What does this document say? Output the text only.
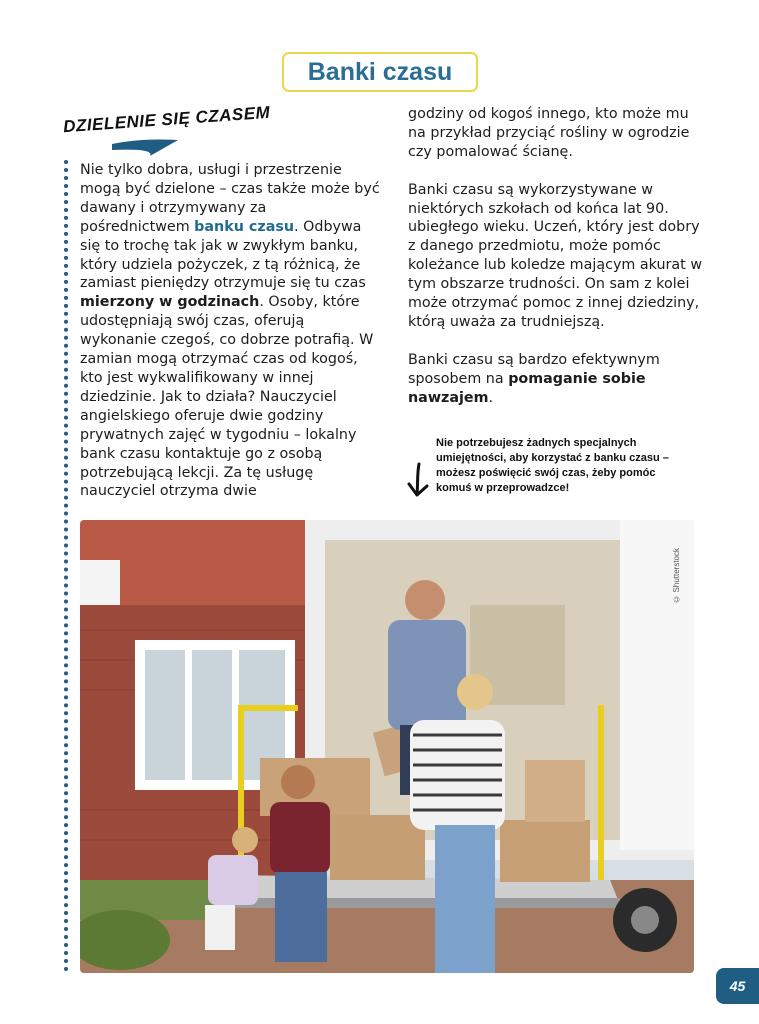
Banki czasu
DZIELENIE SIĘ CZASEM

Nie tylko dobra, usługi i przestrzenie mogą być dzielone – czas także może być dawany i otrzymywany za pośrednictwem banku czasu. Odbywa się to trochę tak jak w zwykłym banku, który udziela pożyczek, z tą różnicą, że zamiast pieniędzy otrzymuje się tu czas mierzony w godzinach. Osoby, które udostępniają swój czas, oferują wykonanie czegoś, co dobrze potrafią. W zamian mogą otrzymać czas od kogoś, kto jest wykwalifikowany w innej dziedzinie. Jak to działa? Nauczyciel angielskiego oferuje dwie godziny prywatnych zajęć w tygodniu – lokalny bank czasu kontaktuje go z osobą potrzebującą lekcji. Za tę usługę nauczyciel otrzyma dwie

godziny od kogoś innego, kto może mu na przykład przyciąć rośliny w ogrodzie czy pomalować ścianę.

Banki czasu są wykorzystywane w niektórych szkołach od końca lat 90. ubiegłego wieku. Uczeń, który jest dobry z danego przedmiotu, może pomóc koleżance lub koledze mającym akurat w tym obszarze trudności. On sam z kolei może otrzymać pomoc z innej dziedziny, którą uważa za trudniejszą.

Banki czasu są bardzo efektywnym sposobem na pomaganie sobie nawzajem.

Nie potrzebujesz żadnych specjalnych umiejętności, aby korzystać z banku czasu – możesz poświęcić swój czas, żeby pomóc komuś w przeprowadzce!
© Shutterstock
45
